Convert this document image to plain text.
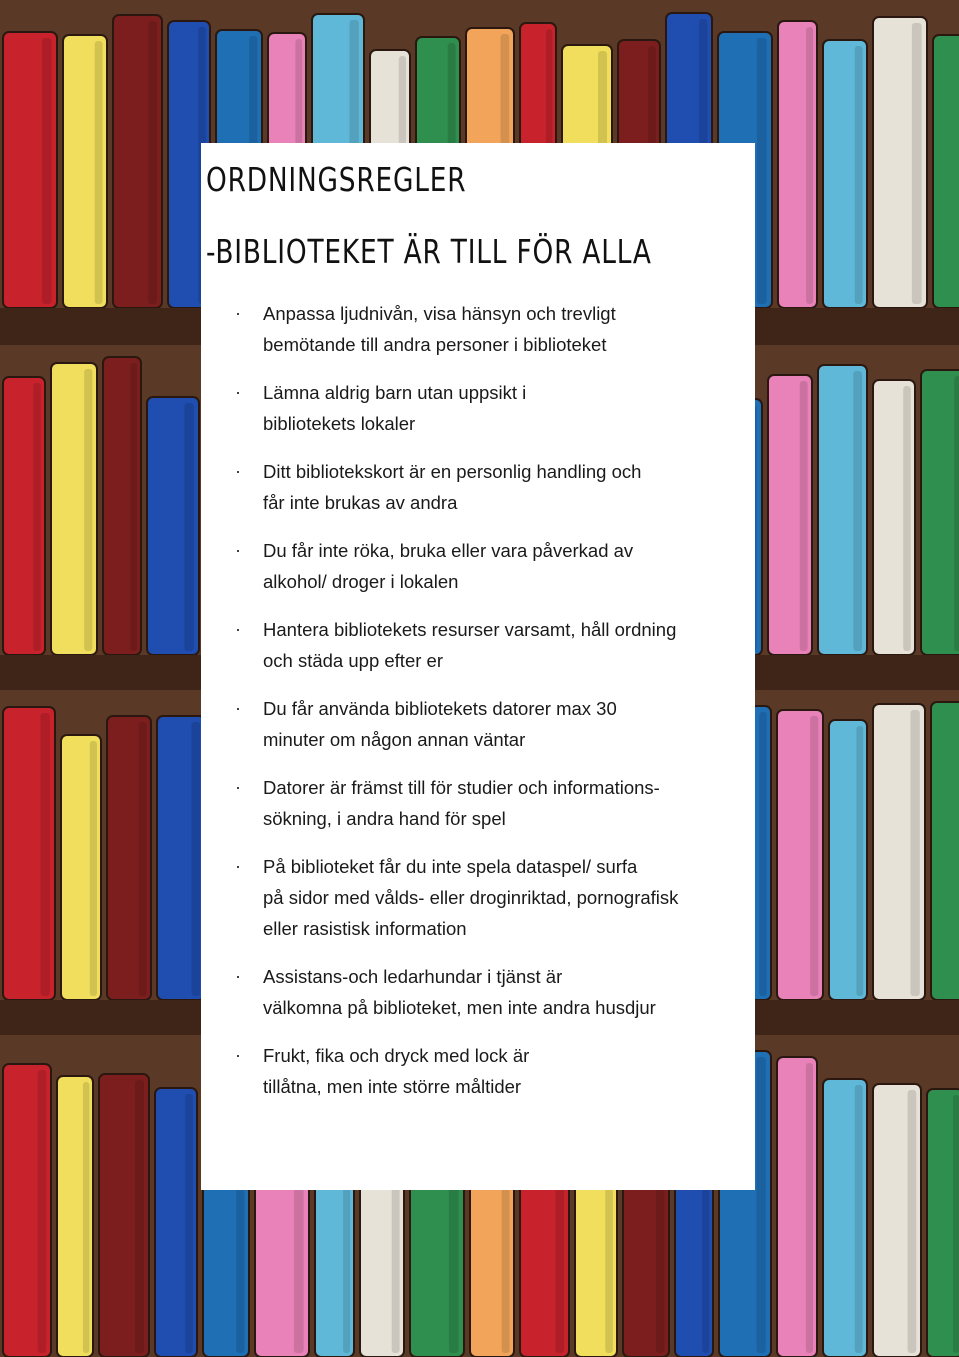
ORDNINGSREGLER
-BIBLIOTEKET ÄR TILL FÖR ALLA
· Anpassa ljudnivån, visa hänsyn och trevligt
bemötande till andra personer i biblioteket
· Lämna aldrig barn utan uppsikt i
bibliotekets lokaler
· Ditt bibliotekskort är en personlig handling och
får inte brukas av andra
· Du får inte röka, bruka eller vara påverkad av
alkohol/ droger i lokalen
· Hantera bibliotekets resurser varsamt, håll ordning
och städa upp efter er
· Du får använda bibliotekets datorer max 30
minuter om någon annan väntar
· Datorer är främst till för studier och informations-
sökning, i andra hand för spel
· På biblioteket får du inte spela dataspel/ surfa
på sidor med vålds- eller droginriktad, pornografisk
eller rasistisk information
· Assistans-och ledarhundar i tjänst är
välkomna på biblioteket, men inte andra husdjur
· Frukt, fika och dryck med lock är
tillåtna, men inte större måltider
